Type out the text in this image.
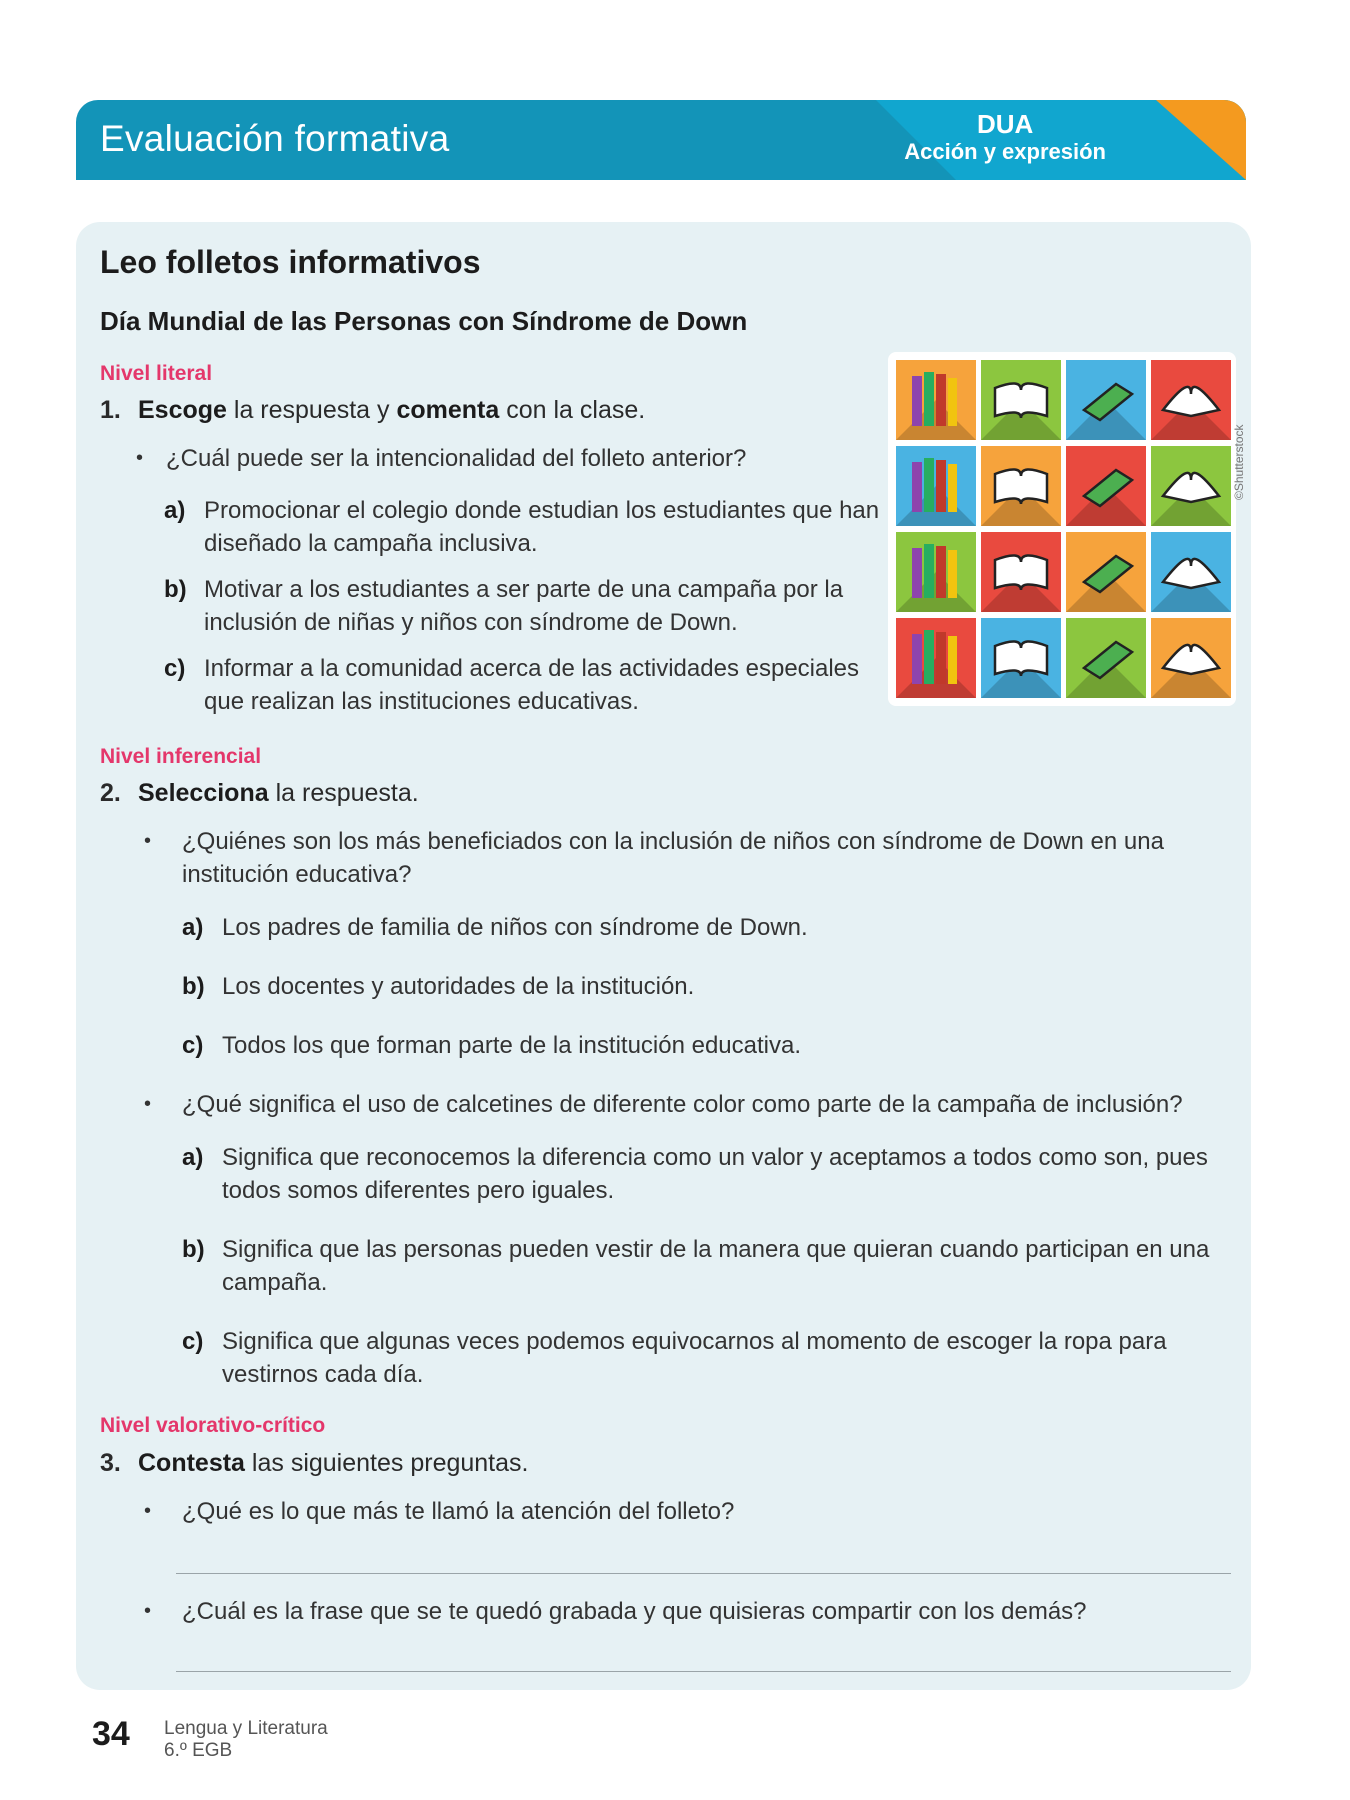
Evaluación formativa	DUA
Acción y expresión
Leo folletos informativos
Día Mundial de las Personas con Síndrome de Down
©Shutterstock
Nivel literal
1. Escoge la respuesta y comenta con la clase.
• ¿Cuál puede ser la intencionalidad del folleto anterior?
a) Promocionar el colegio donde estudian los estudiantes que han diseñado la campaña inclusiva.
b) Motivar a los estudiantes a ser parte de una campaña por la inclusión de niñas y niños con síndrome de Down.
c) Informar a la comunidad acerca de las actividades especiales que realizan las instituciones educativas.
Nivel inferencial
2. Selecciona la respuesta.
• ¿Quiénes son los más beneficiados con la inclusión de niños con síndrome de Down en una institución educativa?
a) Los padres de familia de niños con síndrome de Down.
b) Los docentes y autoridades de la institución.
c) Todos los que forman parte de la institución educativa.
• ¿Qué significa el uso de calcetines de diferente color como parte de la campaña de inclusión?
a) Significa que reconocemos la diferencia como un valor y aceptamos a todos como son, pues todos somos diferentes pero iguales.
b) Significa que las personas pueden vestir de la manera que quieran cuando participan en una campaña.
c) Significa que algunas veces podemos equivocarnos al momento de escoger la ropa para vestirnos cada día.
Nivel valorativo-crítico
3. Contesta las siguientes preguntas.
• ¿Qué es lo que más te llamó la atención del folleto?
• ¿Cuál es la frase que se te quedó grabada y que quisieras compartir con los demás?
34 Lengua y Literatura
6.º EGB
